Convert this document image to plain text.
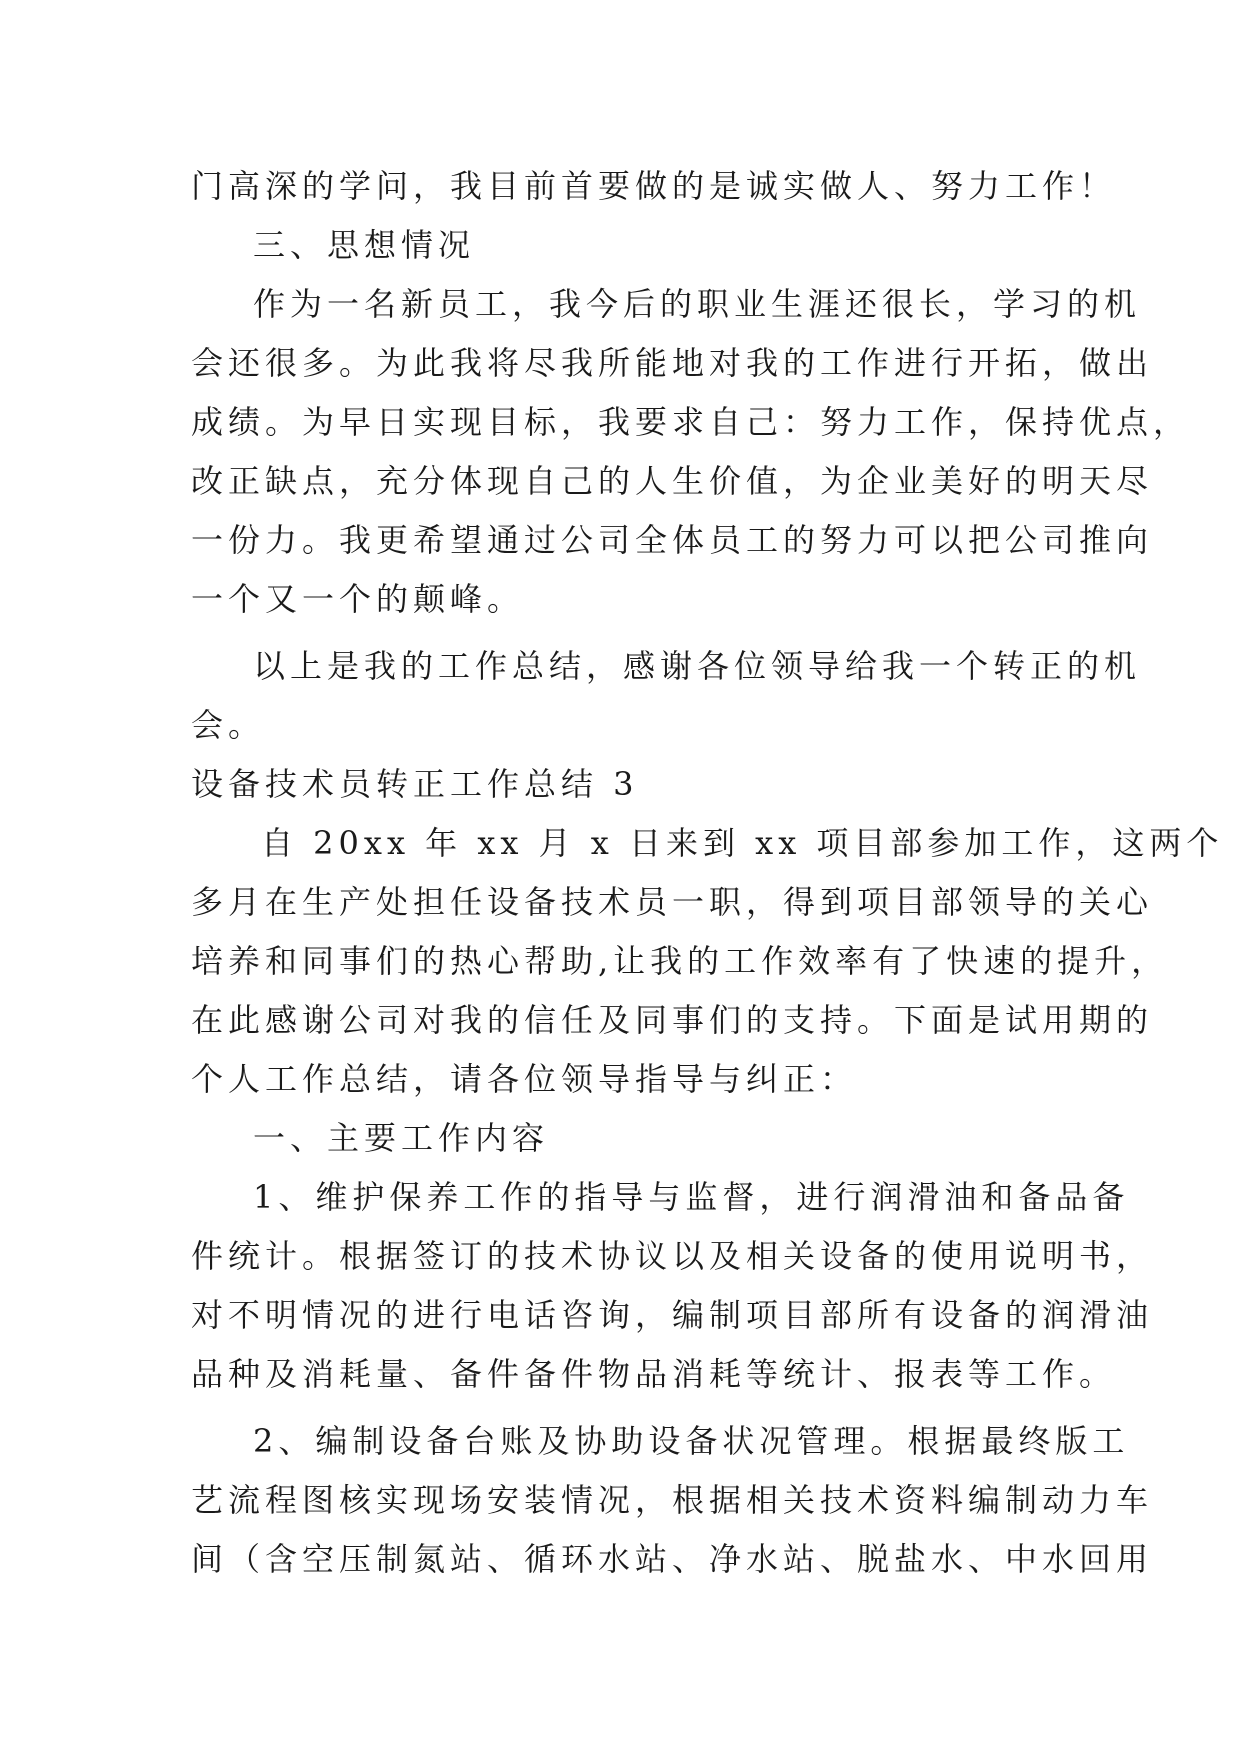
门高深的学问，我目前首要做的是诚实做人、努力工作！
三、思想情况
作为一名新员工，我今后的职业生涯还很长，学习的机
会还很多。为此我将尽我所能地对我的工作进行开拓，做出
成绩。为早日实现目标，我要求自己：努力工作，保持优点，
改正缺点，充分体现自己的人生价值，为企业美好的明天尽
一份力。我更希望通过公司全体员工的努力可以把公司推向
一个又一个的颠峰。
以上是我的工作总结，感谢各位领导给我一个转正的机
会。
设备技术员转正工作总结 3
自 20xx 年 xx 月 x 日来到 xx 项目部参加工作，这两个
多月在生产处担任设备技术员一职，得到项目部领导的关心
培养和同事们的热心帮助,让我的工作效率有了快速的提升，
在此感谢公司对我的信任及同事们的支持。下面是试用期的
个人工作总结，请各位领导指导与纠正：
一、主要工作内容
1、维护保养工作的指导与监督，进行润滑油和备品备
件统计。根据签订的技术协议以及相关设备的使用说明书，
对不明情况的进行电话咨询，编制项目部所有设备的润滑油
品种及消耗量、备件备件物品消耗等统计、报表等工作。
2、编制设备台账及协助设备状况管理。根据最终版工
艺流程图核实现场安装情况，根据相关技术资料编制动力车
间（含空压制氮站、循环水站、净水站、脱盐水、中水回用
